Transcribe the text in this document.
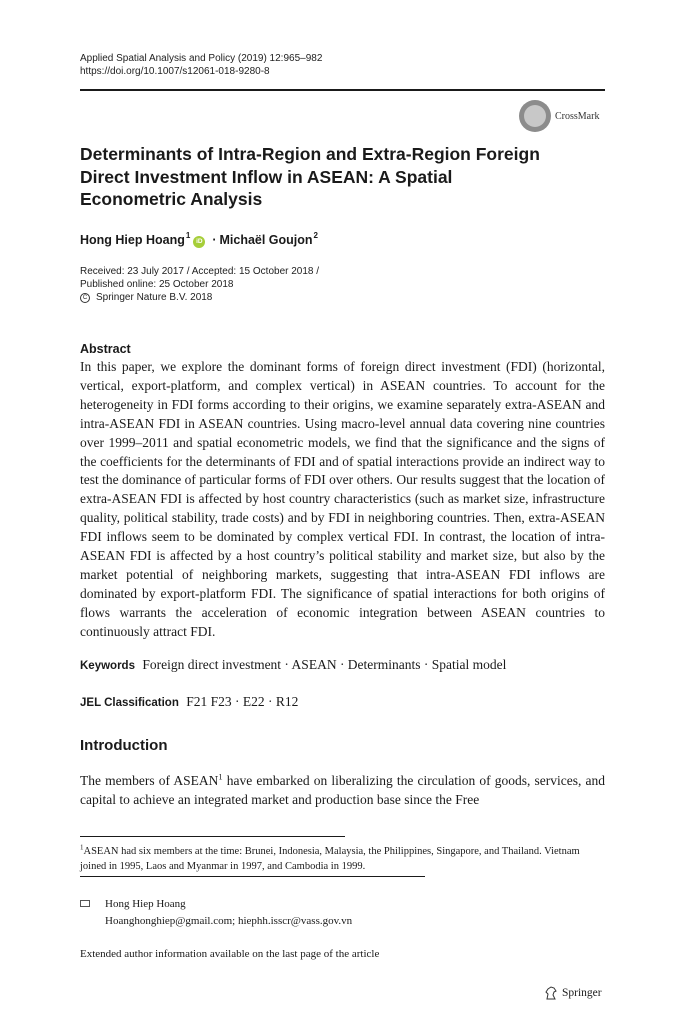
Applied Spatial Analysis and Policy (2019) 12:965–982
https://doi.org/10.1007/s12061-018-9280-8
CrossMark
Determinants of Intra-Region and Extra-Region Foreign Direct Investment Inflow in ASEAN: A Spatial Econometric Analysis
Hong Hiep Hoang$^1$
iD · Michaël Goujon$^2$
Received: 23 July 2017 / Accepted: 15 October 2018 /
Published online: 25 October 2018
C Springer Nature B.V. 2018
Abstract
In this paper, we explore the dominant forms of foreign direct investment (FDI) (horizontal, vertical, export-platform, and complex vertical) in ASEAN countries. To account for the heterogeneity in FDI forms according to their origins, we examine separately extra-ASEAN and intra-ASEAN FDI in ASEAN countries. Using macro-level annual data covering nine countries over 1999–2011 and spatial econometric models, we find that the significance and the signs of the coefficients for the determinants of FDI and of spatial interactions provide an indirect way to test the dominance of particular forms of FDI over others. Our results suggest that the location of extra-ASEAN FDI is affected by host country characteristics (such as market size, infrastructure quality, political stability, trade costs) and by FDI in neighboring countries. Then, extra-ASEAN FDI inflows seem to be dominated by complex vertical FDI. In contrast, the location of intra-ASEAN FDI is affected by a host country’s political stability and market size, but also by the market potential of neighboring markets, suggesting that intra-ASEAN FDI inflows are dominated by export-platform FDI. The significance of spatial interactions for both origins of flows warrants the acceleration of economic integration between ASEAN countries to continuously attract FDI.
Keywords Foreign direct investment · ASEAN · Determinants · Spatial model
JEL Classification F21 F23 · E22 · R12
Introduction
The members of ASEAN$^1$ have embarked on liberalizing the circulation of goods, services, and capital to achieve an integrated market and production base since the Free
$^1$ASEAN had six members at the time: Brunei, Indonesia, Malaysia, the Philippines, Singapore, and Thailand. Vietnam joined in 1995, Laos and Myanmar in 1997, and Cambodia in 1999.
Hong Hiep Hoang
Hoanghonghiep@gmail.com; hiephh.isscr@vass.gov.vn
Extended author information available on the last page of the article
Springer
